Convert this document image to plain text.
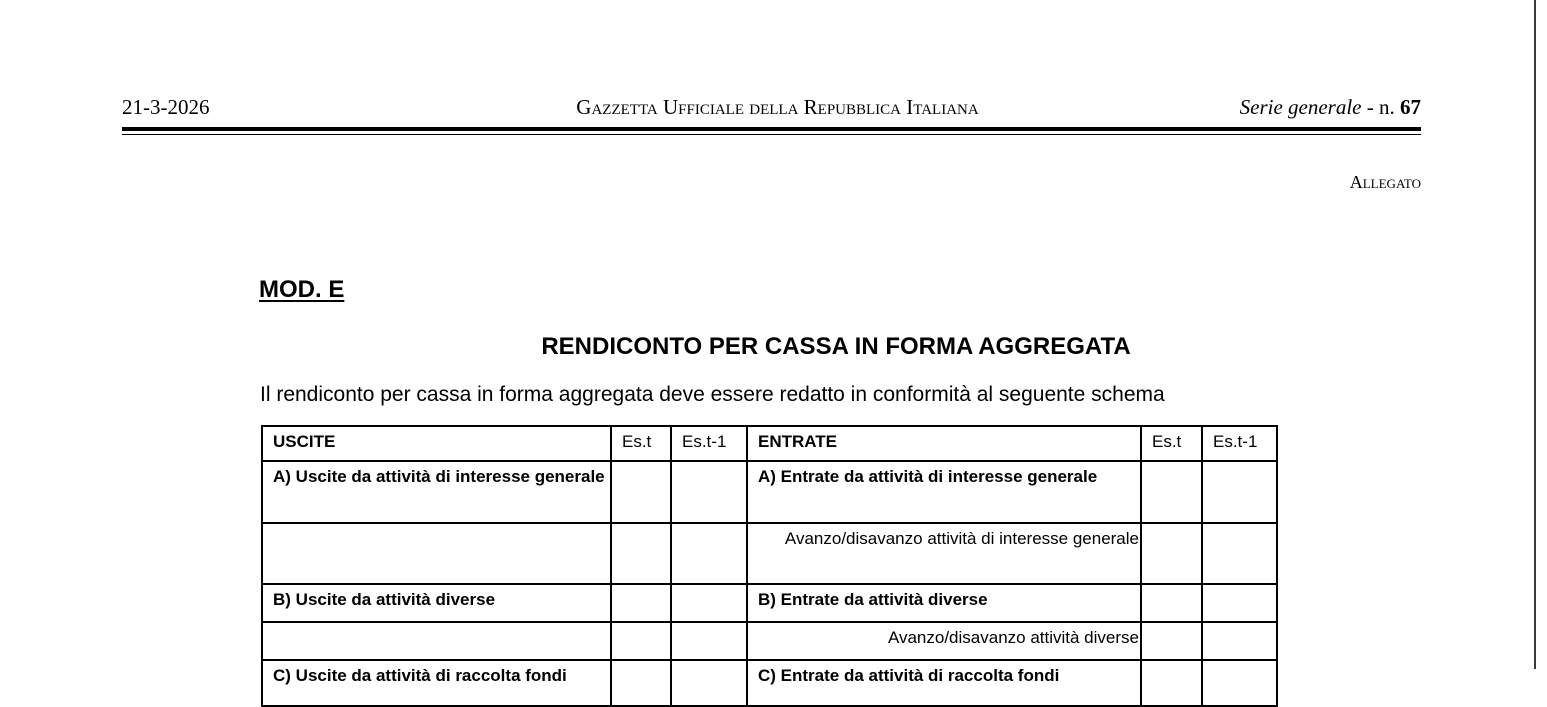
21-3-2026	Gazzetta Ufficiale della Repubblica Italiana	Serie generale - n. 67
Allegato
MOD. E
RENDICONTO PER CASSA IN FORMA AGGREGATA
Il rendiconto per cassa in forma aggregata deve essere redatto in conformità al seguente schema
USCITE	Es.t	Es.t-1	ENTRATE	Es.t	Es.t-1
A) Uscite da attività di interesse generale			A) Entrate da attività di interesse generale		
			Avanzo/disavanzo attività di interesse generale		
B) Uscite da attività diverse			B) Entrate da attività diverse		
			Avanzo/disavanzo attività diverse		
C) Uscite da attività di raccolta fondi			C) Entrate da attività di raccolta fondi		
